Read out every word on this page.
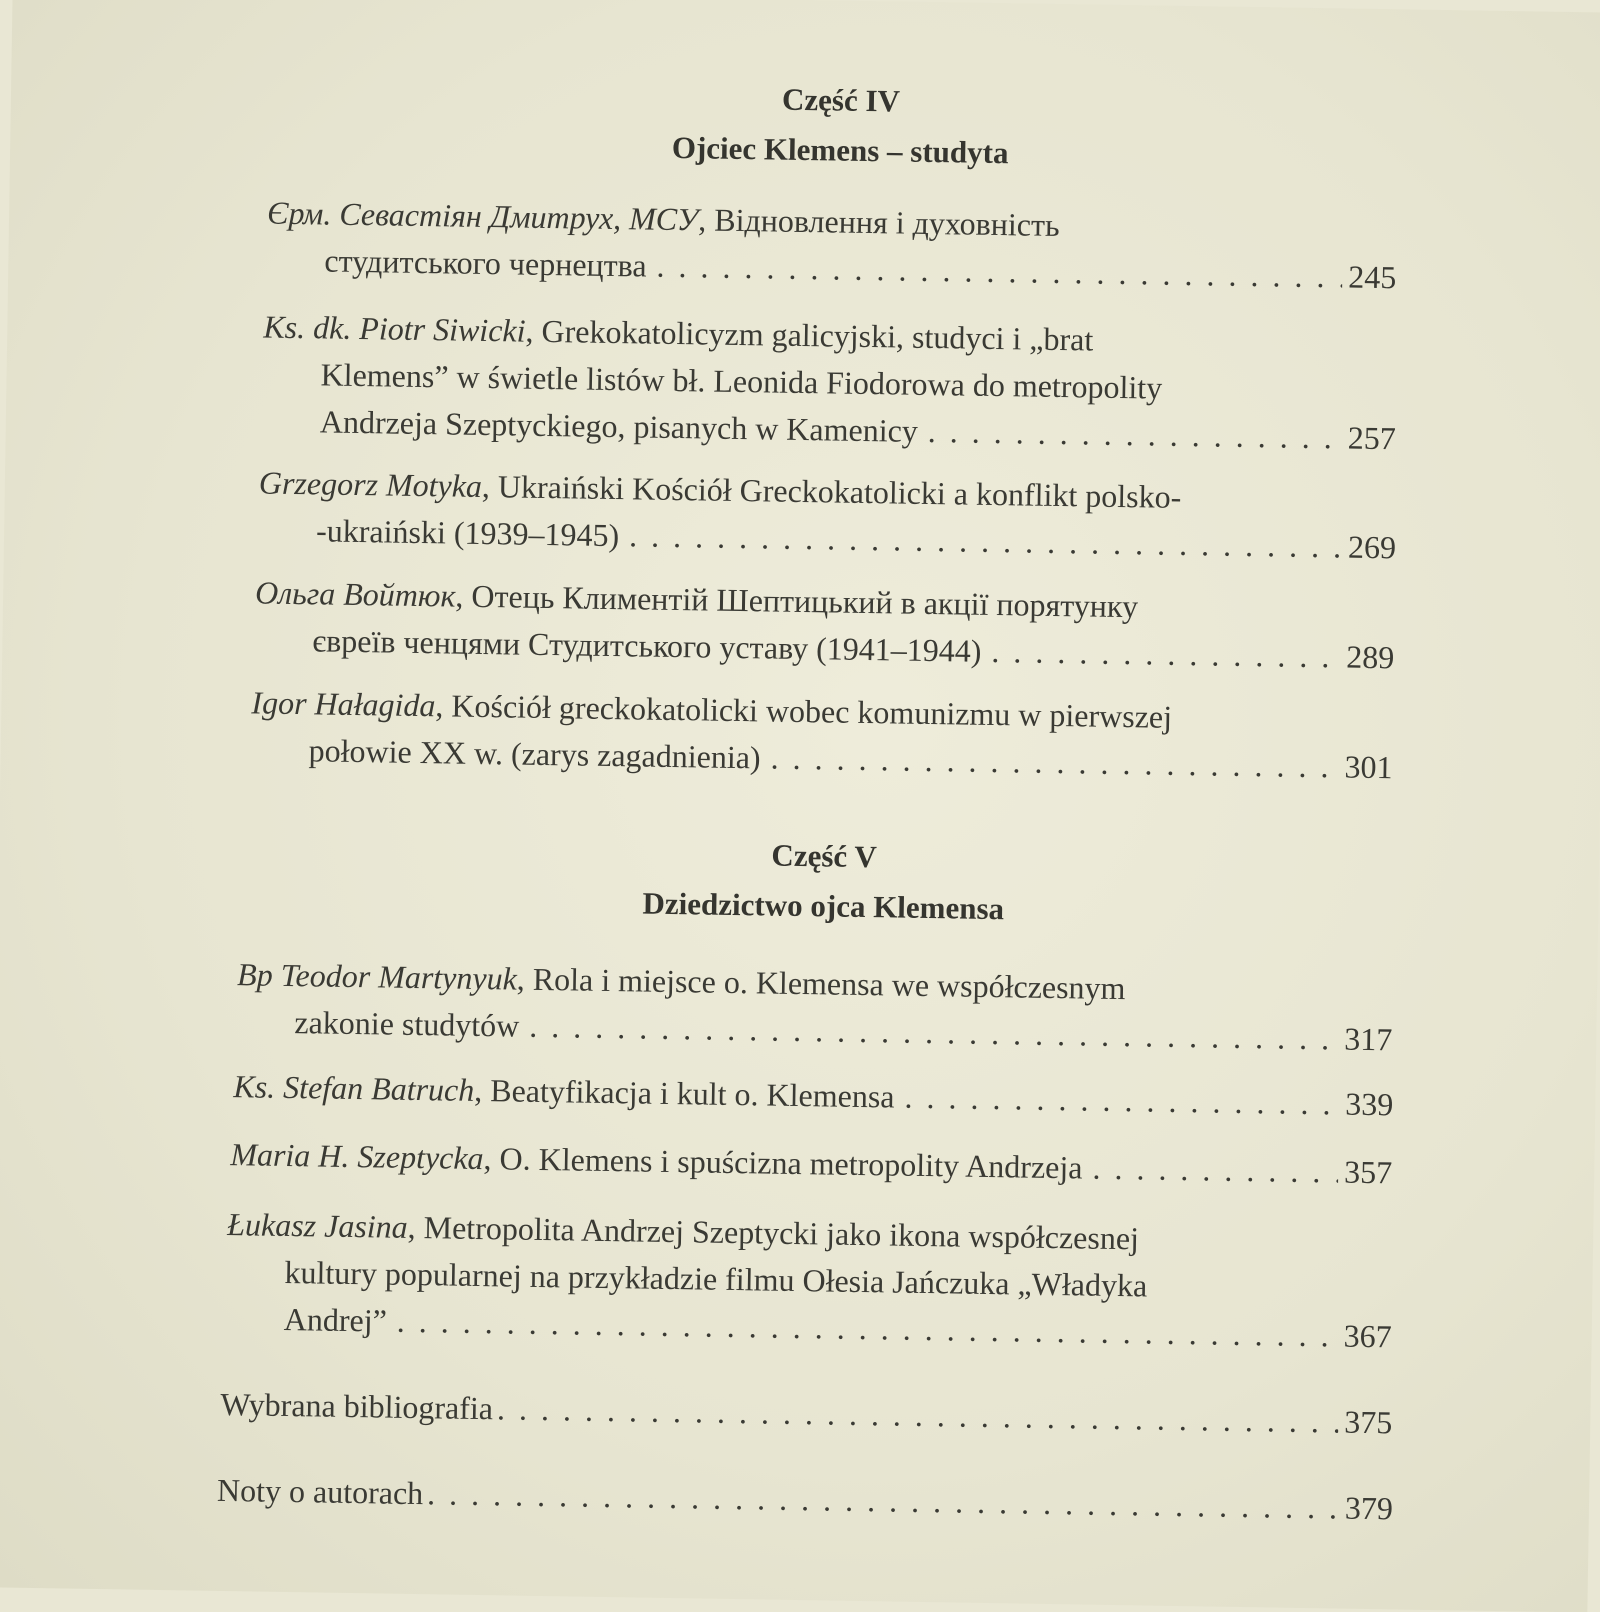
Część IV
Ojciec Klemens – studyta
Єрм. Севастіян Дмитрух, МСУ, Відновлення і духовність
студитського чернецтва . . .	245
Ks. dk. Piotr Siwicki, Grekokatolicyzm galicyjski, studyci i „brat
Klemens” w świetle listów bł. Leonida Fiodorowa do metropolity
Andrzeja Szeptyckiego, pisanych w Kamenicy . . .	257
Grzegorz Motyka, Ukraiński Kościół Greckokatolicki a konflikt polsko-
-ukraiński (1939–1945) . . .	269
Ольга Войтюк, Отець Климентій Шептицький в акції порятунку
євреїв ченцями Студитського уставу (1941–1944) . . .	289
Igor Hałagida, Kościół greckokatolicki wobec komunizmu w pierwszej
połowie XX w. (zarys zagadnienia) . . .	301
Część V
Dziedzictwo ojca Klemensa
Bp Teodor Martynyuk, Rola i miejsce o. Klemensa we współczesnym
zakonie studytów . . .	317
Ks. Stefan Batruch, Beatyfikacja i kult o. Klemensa . . .	339
Maria H. Szeptycka, O. Klemens i spuścizna metropolity Andrzeja . . .	357
Łukasz Jasina, Metropolita Andrzej Szeptycki jako ikona współczesnej
kultury popularnej na przykładzie filmu Ołesia Jańczuka „Władyka
Andrej” . . .	367
Wybrana bibliografia . . .	375
Noty o autorach . . .	379
